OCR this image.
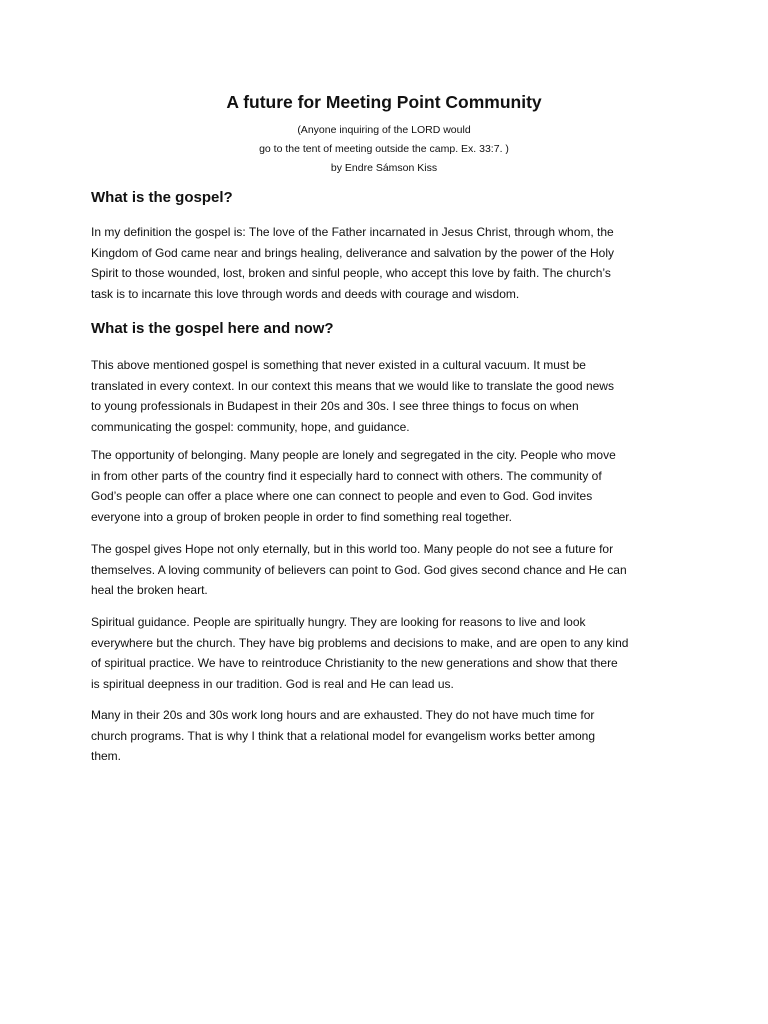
A future for Meeting Point Community
(Anyone inquiring of the LORD would
go to the tent of meeting outside the camp. Ex. 33:7. )
by Endre Sámson Kiss
What is the gospel?
In my definition the gospel is: The love of the Father incarnated in Jesus Christ, through whom, the
Kingdom of God came near and brings healing, deliverance and salvation by the power of the Holy
Spirit to those wounded, lost, broken and sinful people, who accept this love by faith. The church’s
task is to incarnate this love through words and deeds with courage and wisdom.
What is the gospel here and now?
This above mentioned gospel is something that never existed in a cultural vacuum. It must be
translated in every context. In our context this means that we would like to translate the good news
to young professionals in Budapest in their 20s and 30s. I see three things to focus on when
communicating the gospel: community, hope, and guidance.
The opportunity of belonging. Many people are lonely and segregated in the city. People who move
in from other parts of the country find it especially hard to connect with others. The community of
God’s people can offer a place where one can connect to people and even to God. God invites
everyone into a group of broken people in order to find something real together.
The gospel gives Hope not only eternally, but in this world too. Many people do not see a future for
themselves. A loving community of believers can point to God. God gives second chance and He can
heal the broken heart.
Spiritual guidance. People are spiritually hungry. They are looking for reasons to live and look
everywhere but the church. They have big problems and decisions to make, and are open to any kind
of spiritual practice. We have to reintroduce Christianity to the new generations and show that there
is spiritual deepness in our tradition. God is real and He can lead us.
Many in their 20s and 30s work long hours and are exhausted. They do not have much time for
church programs. That is why I think that a relational model for evangelism works better among
them.
